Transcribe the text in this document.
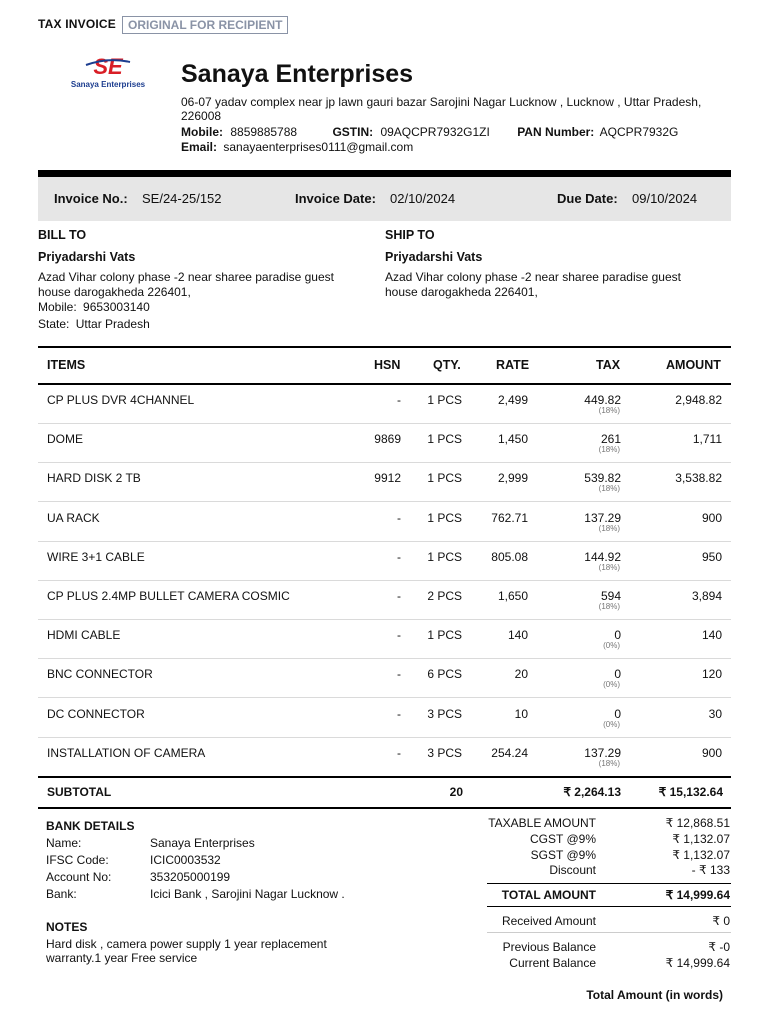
TAX INVOICE	ORIGINAL FOR RECIPIENT
SE
Sanaya Enterprises Sanaya Enterprises
06-07 yadav complex near jp lawn gauri bazar Sarojini Nagar Lucknow , Lucknow , Uttar Pradesh, 226008
Mobile: 8859885788	GSTIN: 09AQCPR7932G1ZI PAN Number: AQCPR7932G
Email: sanayaenterprises0111@gmail.com
Invoice No.: SE/24-25/152	Invoice Date: 02/10/2024	Due Date: 09/10/2024
BILL TO
Priyadarshi Vats
Azad Vihar colony phase -2 near sharee paradise guest house darogakheda 226401,
Mobile: 9653003140
State: Uttar Pradesh
SHIP TO
Priyadarshi Vats
Azad Vihar colony phase -2 near sharee paradise guest house darogakheda 226401,
ITEMS	HSN	QTY.	RATE	TAX	AMOUNT
CP PLUS DVR 4CHANNEL	- 1 PCS	2,499	449.82	2,948.82
(18%)
DOME	9869 1 PCS	1,450	261	1,711
(18%)
HARD DISK 2 TB	9912 1 PCS	2,999	539.82	3,538.82
(18%)
UA RACK	- 1 PCS 762.71	137.29	900
(18%)
WIRE 3+1 CABLE	- 1 PCS 805.08	144.92	950
(18%)
CP PLUS 2.4MP BULLET CAMERA COSMIC	- 2 PCS	1,650	594	3,894
(18%)
HDMI CABLE	- 1 PCS	140	0	140
(0%)
BNC CONNECTOR	- 6 PCS	20	0	120
(0%)
DC CONNECTOR	- 3 PCS	10	0	30
(0%)
INSTALLATION OF CAMERA	- 3 PCS 254.24	137.29	900
(18%)
SUBTOTAL	20	₹ 2,264.13	₹ 15,132.64
BANK DETAILS
Name:	Sanaya Enterprises
IFSC Code:	ICIC0003532
Account No:	353205000199
Bank:	Icici Bank , Sarojini Nagar Lucknow .
NOTES
Hard disk , camera power supply 1 year replacement warranty.1 year Free service
TAXABLE AMOUNT	₹ 12,868.51
CGST @9%	₹ 1,132.07
SGST @9%	₹ 1,132.07
Discount	- ₹ 133
TOTAL AMOUNT	₹ 14,999.64
Received Amount	₹ 0
Previous Balance	₹ -0
Current Balance	₹ 14,999.64
Total Amount (in words)
